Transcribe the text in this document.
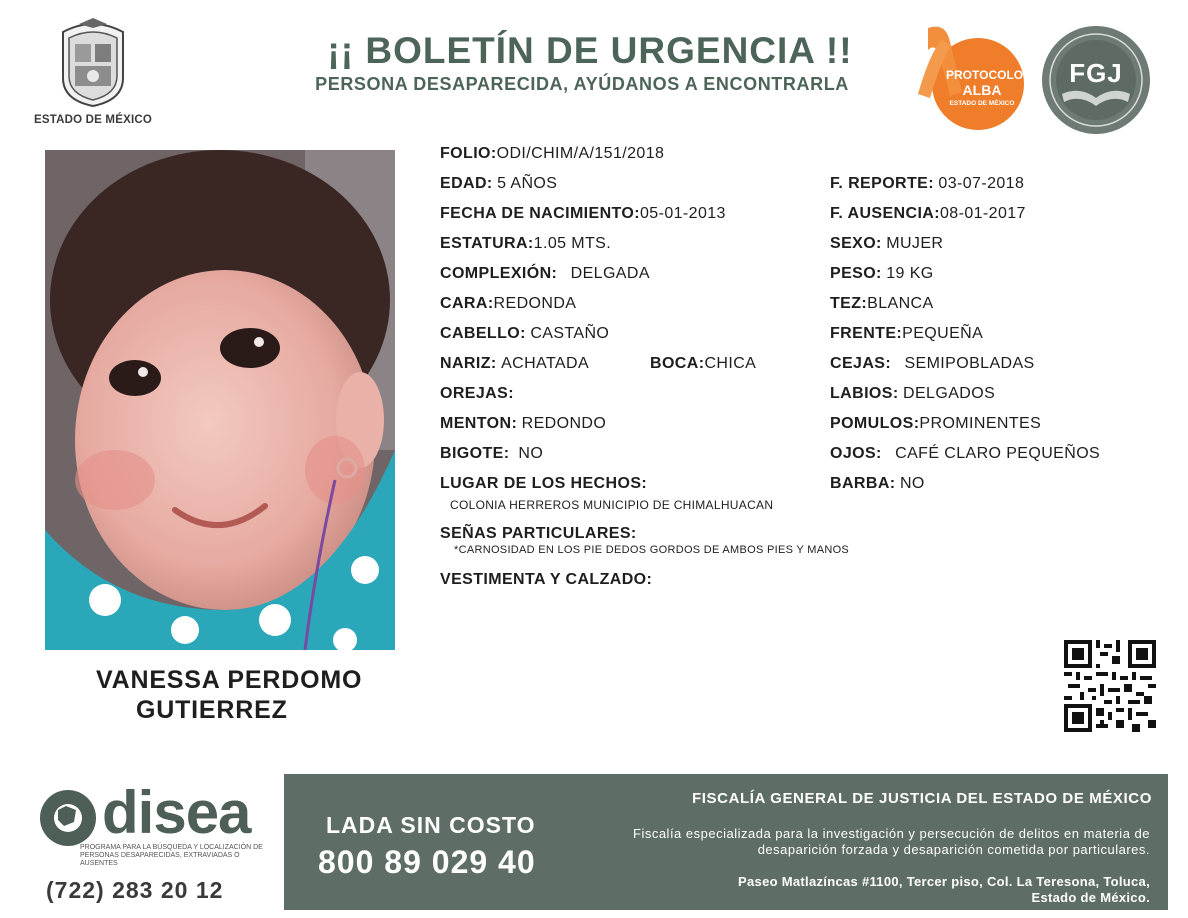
ESTADO DE MÉXICO
¡¡ BOLETÍN DE URGENCIA !!
PERSONA DESAPARECIDA, AYÚDANOS A ENCONTRARLA	PROTOCOLO
ALBA
ESTADO DE MÉXICO
FGJ
VANESSA PERDOMO
GUTIERREZ
FOLIO:ODI/CHIM/A/151/2018
EDAD: 5 AÑOS
FECHA DE NACIMIENTO:05-01-2013
ESTATURA:1.05 MTS.
COMPLEXIÓN: DELGADA
CARA:REDONDA
CABELLO: CASTAÑO
NARIZ: ACHATADA	BOCA:CHICA
OREJAS:
MENTON: REDONDO
BIGOTE: NO
LUGAR DE LOS HECHOS:
COLONIA HERREROS MUNICIPIO DE CHIMALHUACAN
SEÑAS PARTICULARES:
*CARNOSIDAD EN LOS PIE DEDOS GORDOS DE AMBOS PIES Y MANOS
VESTIMENTA Y CALZADO:
F. REPORTE: 03-07-2018
F. AUSENCIA:08-01-2017
SEXO: MUJER
PESO: 19 KG
TEZ:BLANCA
FRENTE:PEQUEÑA
CEJAS: SEMIPOBLADAS
LABIOS: DELGADOS
POMULOS:PROMINENTES
OJOS: CAFÉ CLARO PEQUEÑOS
BARBA: NO
disea
PROGRAMA PARA LA BÚSQUEDA Y LOCALIZACIÓN DE PERSONAS DESAPARECIDAS, EXTRAVIADAS O AUSENTES
(722) 283 20 12
LADA SIN COSTO
800 89 029 40
FISCALÍA GENERAL DE JUSTICIA DEL ESTADO DE MÉXICO
Fiscalía especializada para la investigación y persecución de delitos en materia de desaparición forzada y desaparición cometida por particulares.
Paseo Matlazíncas #1100, Tercer piso, Col. La Teresona, Toluca, Estado de México.
